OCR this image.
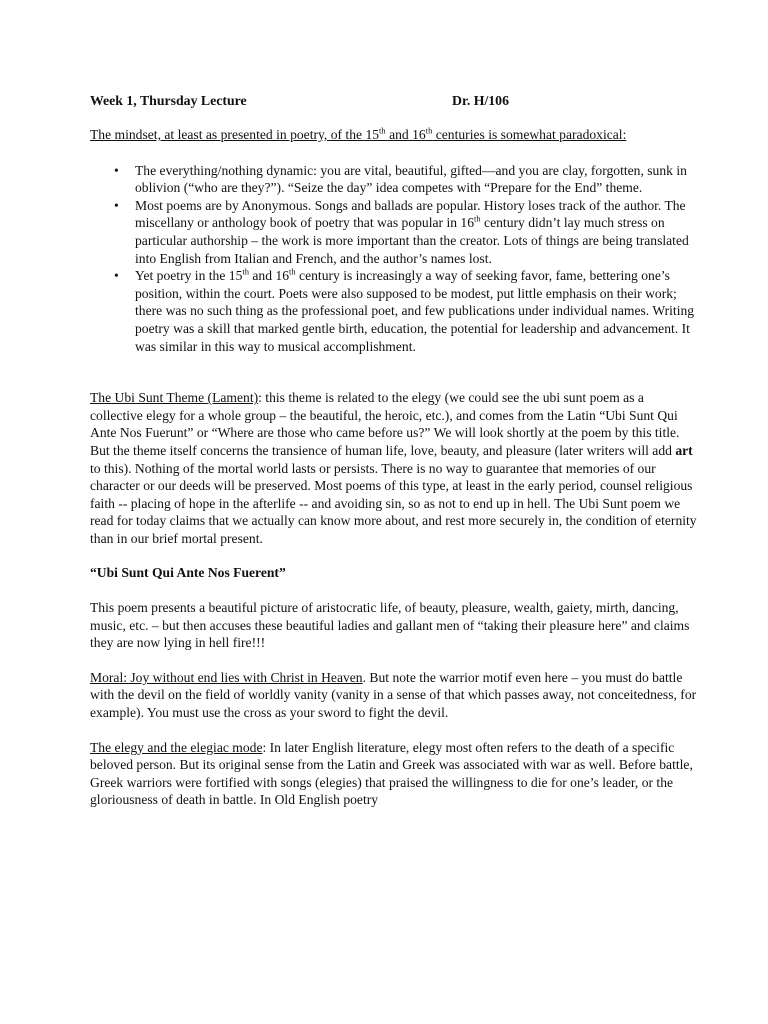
Week 1, Thursday Lecture	Dr. H/106

The mindset, at least as presented in poetry, of the 15th and 16th centuries is somewhat paradoxical:

• The everything/nothing dynamic: you are vital, beautiful, gifted—and you are clay, forgotten, sunk in oblivion (“who are they?”). “Seize the day” idea competes with “Prepare for the End” theme.
• Most poems are by Anonymous. Songs and ballads are popular. History loses track of the author. The miscellany or anthology book of poetry that was popular in 16th century didn’t lay much stress on particular authorship – the work is more important than the creator. Lots of things are being translated into English from Italian and French, and the author’s names lost.
• Yet poetry in the 15th and 16th century is increasingly a way of seeking favor, fame, bettering one’s position, within the court. Poets were also supposed to be modest, put little emphasis on their work; there was no such thing as the professional poet, and few publications under individual names. Writing poetry was a skill that marked gentle birth, education, the potential for leadership and advancement. It was similar in this way to musical accomplishment.

The Ubi Sunt Theme (Lament): this theme is related to the elegy (we could see the ubi sunt poem as a collective elegy for a whole group – the beautiful, the heroic, etc.), and comes from the Latin “Ubi Sunt Qui Ante Nos Fuerunt” or “Where are those who came before us?” We will look shortly at the poem by this title. But the theme itself concerns the transience of human life, love, beauty, and pleasure (later writers will add art to this). Nothing of the mortal world lasts or persists. There is no way to guarantee that memories of our character or our deeds will be preserved. Most poems of this type, at least in the early period, counsel religious faith -- placing of hope in the afterlife -- and avoiding sin, so as not to end up in hell. The Ubi Sunt poem we read for today claims that we actually can know more about, and rest more securely in, the condition of eternity than in our brief mortal present.

“Ubi Sunt Qui Ante Nos Fuerent”

This poem presents a beautiful picture of aristocratic life, of beauty, pleasure, wealth, gaiety, mirth, dancing, music, etc. – but then accuses these beautiful ladies and gallant men of “taking their pleasure here” and claims they are now lying in hell fire!!!

Moral: Joy without end lies with Christ in Heaven. But note the warrior motif even here – you must do battle with the devil on the field of worldly vanity (vanity in a sense of that which passes away, not conceitedness, for example). You must use the cross as your sword to fight the devil.

The elegy and the elegiac mode: In later English literature, elegy most often refers to the death of a specific beloved person. But its original sense from the Latin and Greek was associated with war as well. Before battle, Greek warriors were fortified with songs (elegies) that praised the willingness to die for one’s leader, or the gloriousness of death in battle. In Old English poetry
